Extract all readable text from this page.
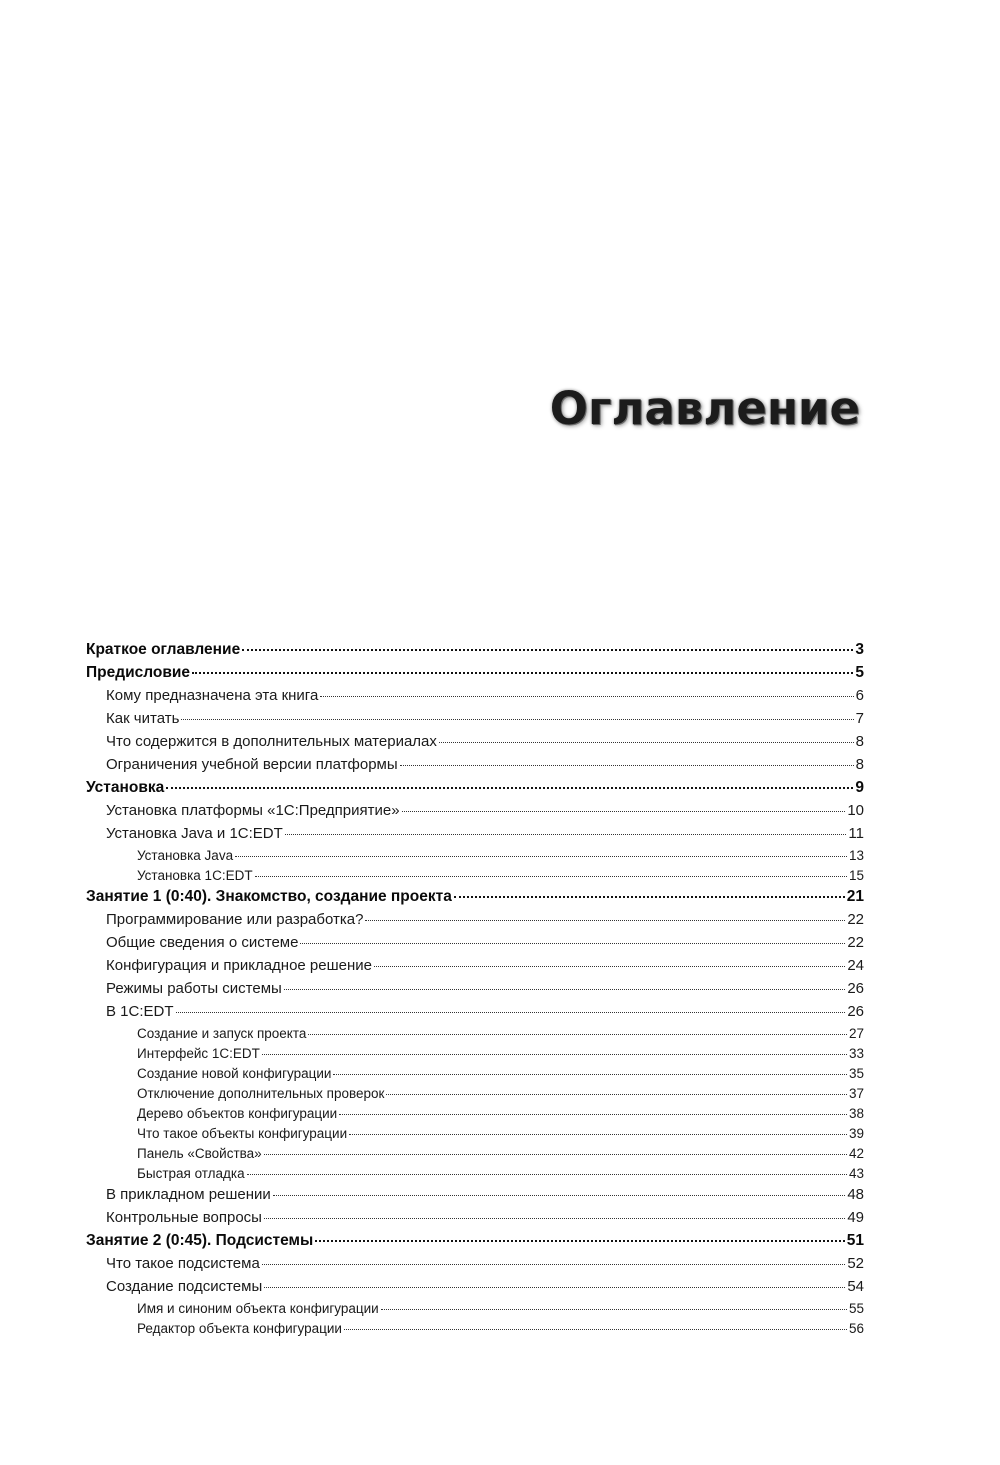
Оглавление
Краткое оглавление	3
Предисловие	5
Кому предназначена эта книга	6
Как читать	7
Что содержится в дополнительных материалах	8
Ограничения учебной версии платформы	8
Установка	9
Установка платформы «1С:Предприятие»	10
Установка Java и 1C:EDT	11
Установка Java	13
Установка 1C:EDT	15
Занятие 1 (0:40). Знакомство, создание проекта	21
Программирование или разработка?	22
Общие сведения о системе	22
Конфигурация и прикладное решение	24
Режимы работы системы	26
В 1C:EDT	26
Создание и запуск проекта	27
Интерфейс 1C:EDT	33
Создание новой конфигурации	35
Отключение дополнительных проверок	37
Дерево объектов конфигурации	38
Что такое объекты конфигурации	39
Панель «Свойства»	42
Быстрая отладка	43
В прикладном решении	48
Контрольные вопросы	49
Занятие 2 (0:45). Подсистемы	51
Что такое подсистема	52
Создание подсистемы	54
Имя и синоним объекта конфигурации	55
Редактор объекта конфигурации	56
